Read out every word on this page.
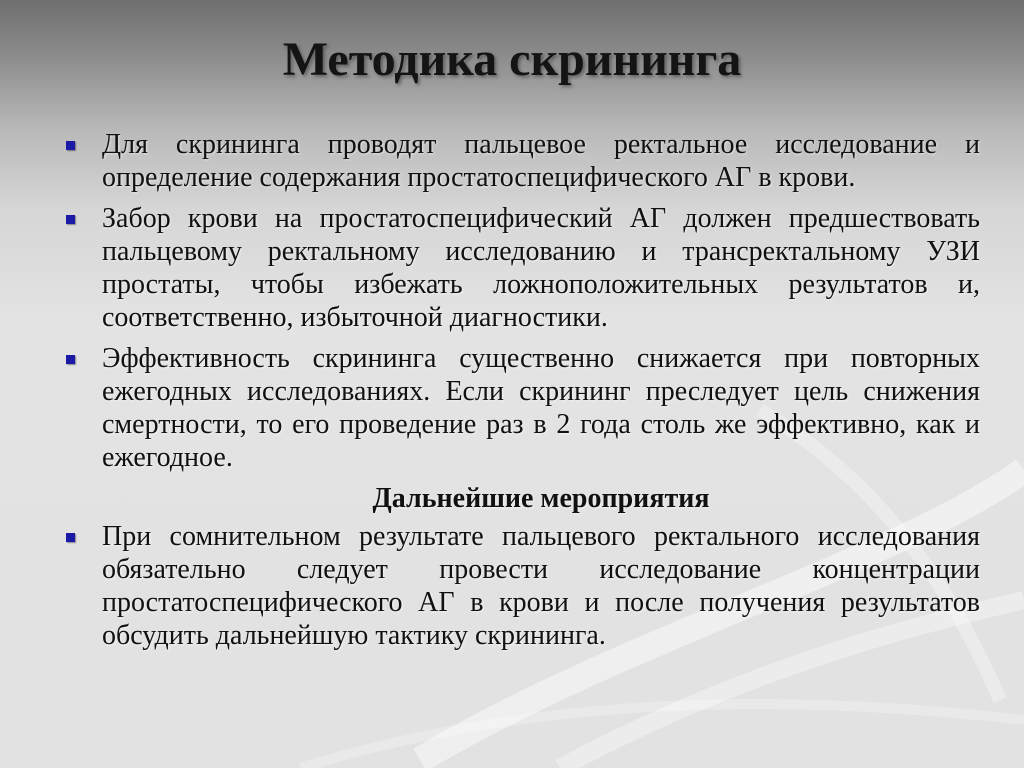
Методика скрининга
Для скрининга проводят пальцевое ректальное исследование и определение содержания простатоспецифического АГ в крови.
Забор крови на простатоспецифический АГ должен предшествовать пальцевому ректальному исследованию и трансректальному УЗИ простаты, чтобы избежать ложноположительных результатов и, соответственно, избыточной диагностики.
Эффективность скрининга существенно снижается при повторных ежегодных исследованиях. Если скрининг преследует цель снижения смертности, то его проведение раз в 2 года столь же эффективно, как и ежегодное.
Дальнейшие мероприятия
При сомнительном результате пальцевого ректального исследования обязательно следует провести исследование концентрации простатоспецифического АГ в крови и после получения результатов обсудить дальнейшую тактику скрининга.
